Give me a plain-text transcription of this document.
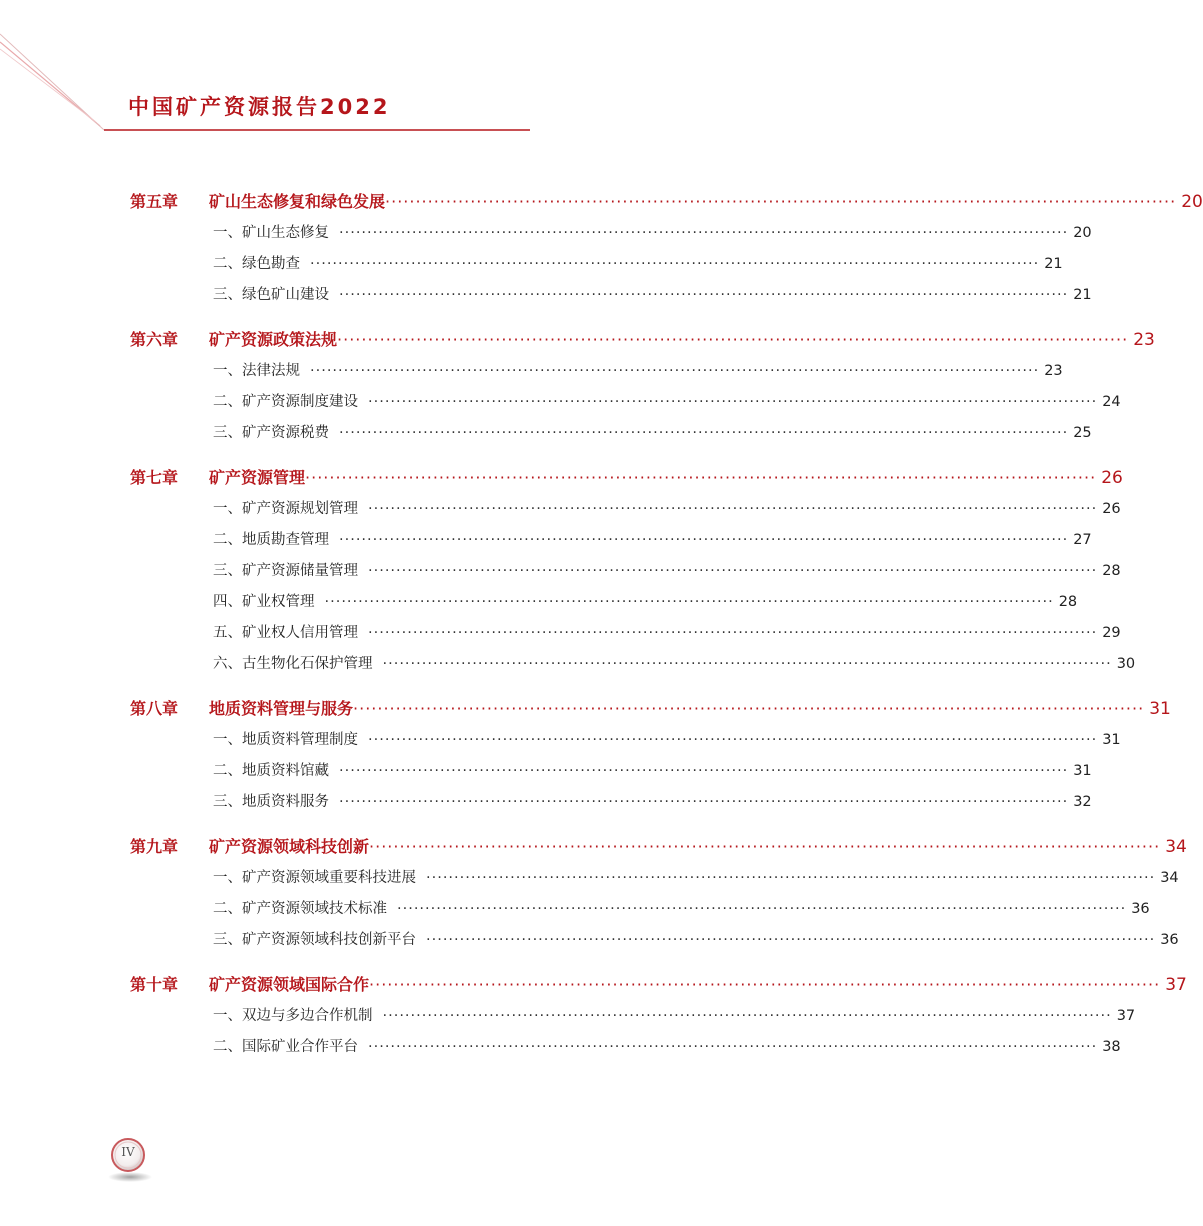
中国矿产资源报告2022
第五章	矿山生态修复和绿色发展 ·································································································································· 20
一、矿山生态修复 ·································································································································· 20
二、绿色勘查 ·································································································································· 21
三、绿色矿山建设 ·································································································································· 21
第六章	矿产资源政策法规 ·································································································································· 23
一、法律法规 ·································································································································· 23
二、矿产资源制度建设 ·································································································································· 24
三、矿产资源税费 ·································································································································· 25
第七章	矿产资源管理 ·································································································································· 26
一、矿产资源规划管理 ·································································································································· 26
二、地质勘查管理 ·································································································································· 27
三、矿产资源储量管理 ·································································································································· 28
四、矿业权管理 ·································································································································· 28
五、矿业权人信用管理 ·································································································································· 29
六、古生物化石保护管理 ·································································································································· 30
第八章	地质资料管理与服务 ·································································································································· 31
一、地质资料管理制度 ·································································································································· 31
二、地质资料馆藏 ·································································································································· 31
三、地质资料服务 ·································································································································· 32
第九章	矿产资源领域科技创新 ·································································································································· 34
一、矿产资源领域重要科技进展 ·································································································································· 34
二、矿产资源领域技术标准 ·································································································································· 36
三、矿产资源领域科技创新平台 ·································································································································· 36
第十章	矿产资源领域国际合作 ·································································································································· 37
一、双边与多边合作机制 ·································································································································· 37
二、国际矿业合作平台 ·································································································································· 38
IV
